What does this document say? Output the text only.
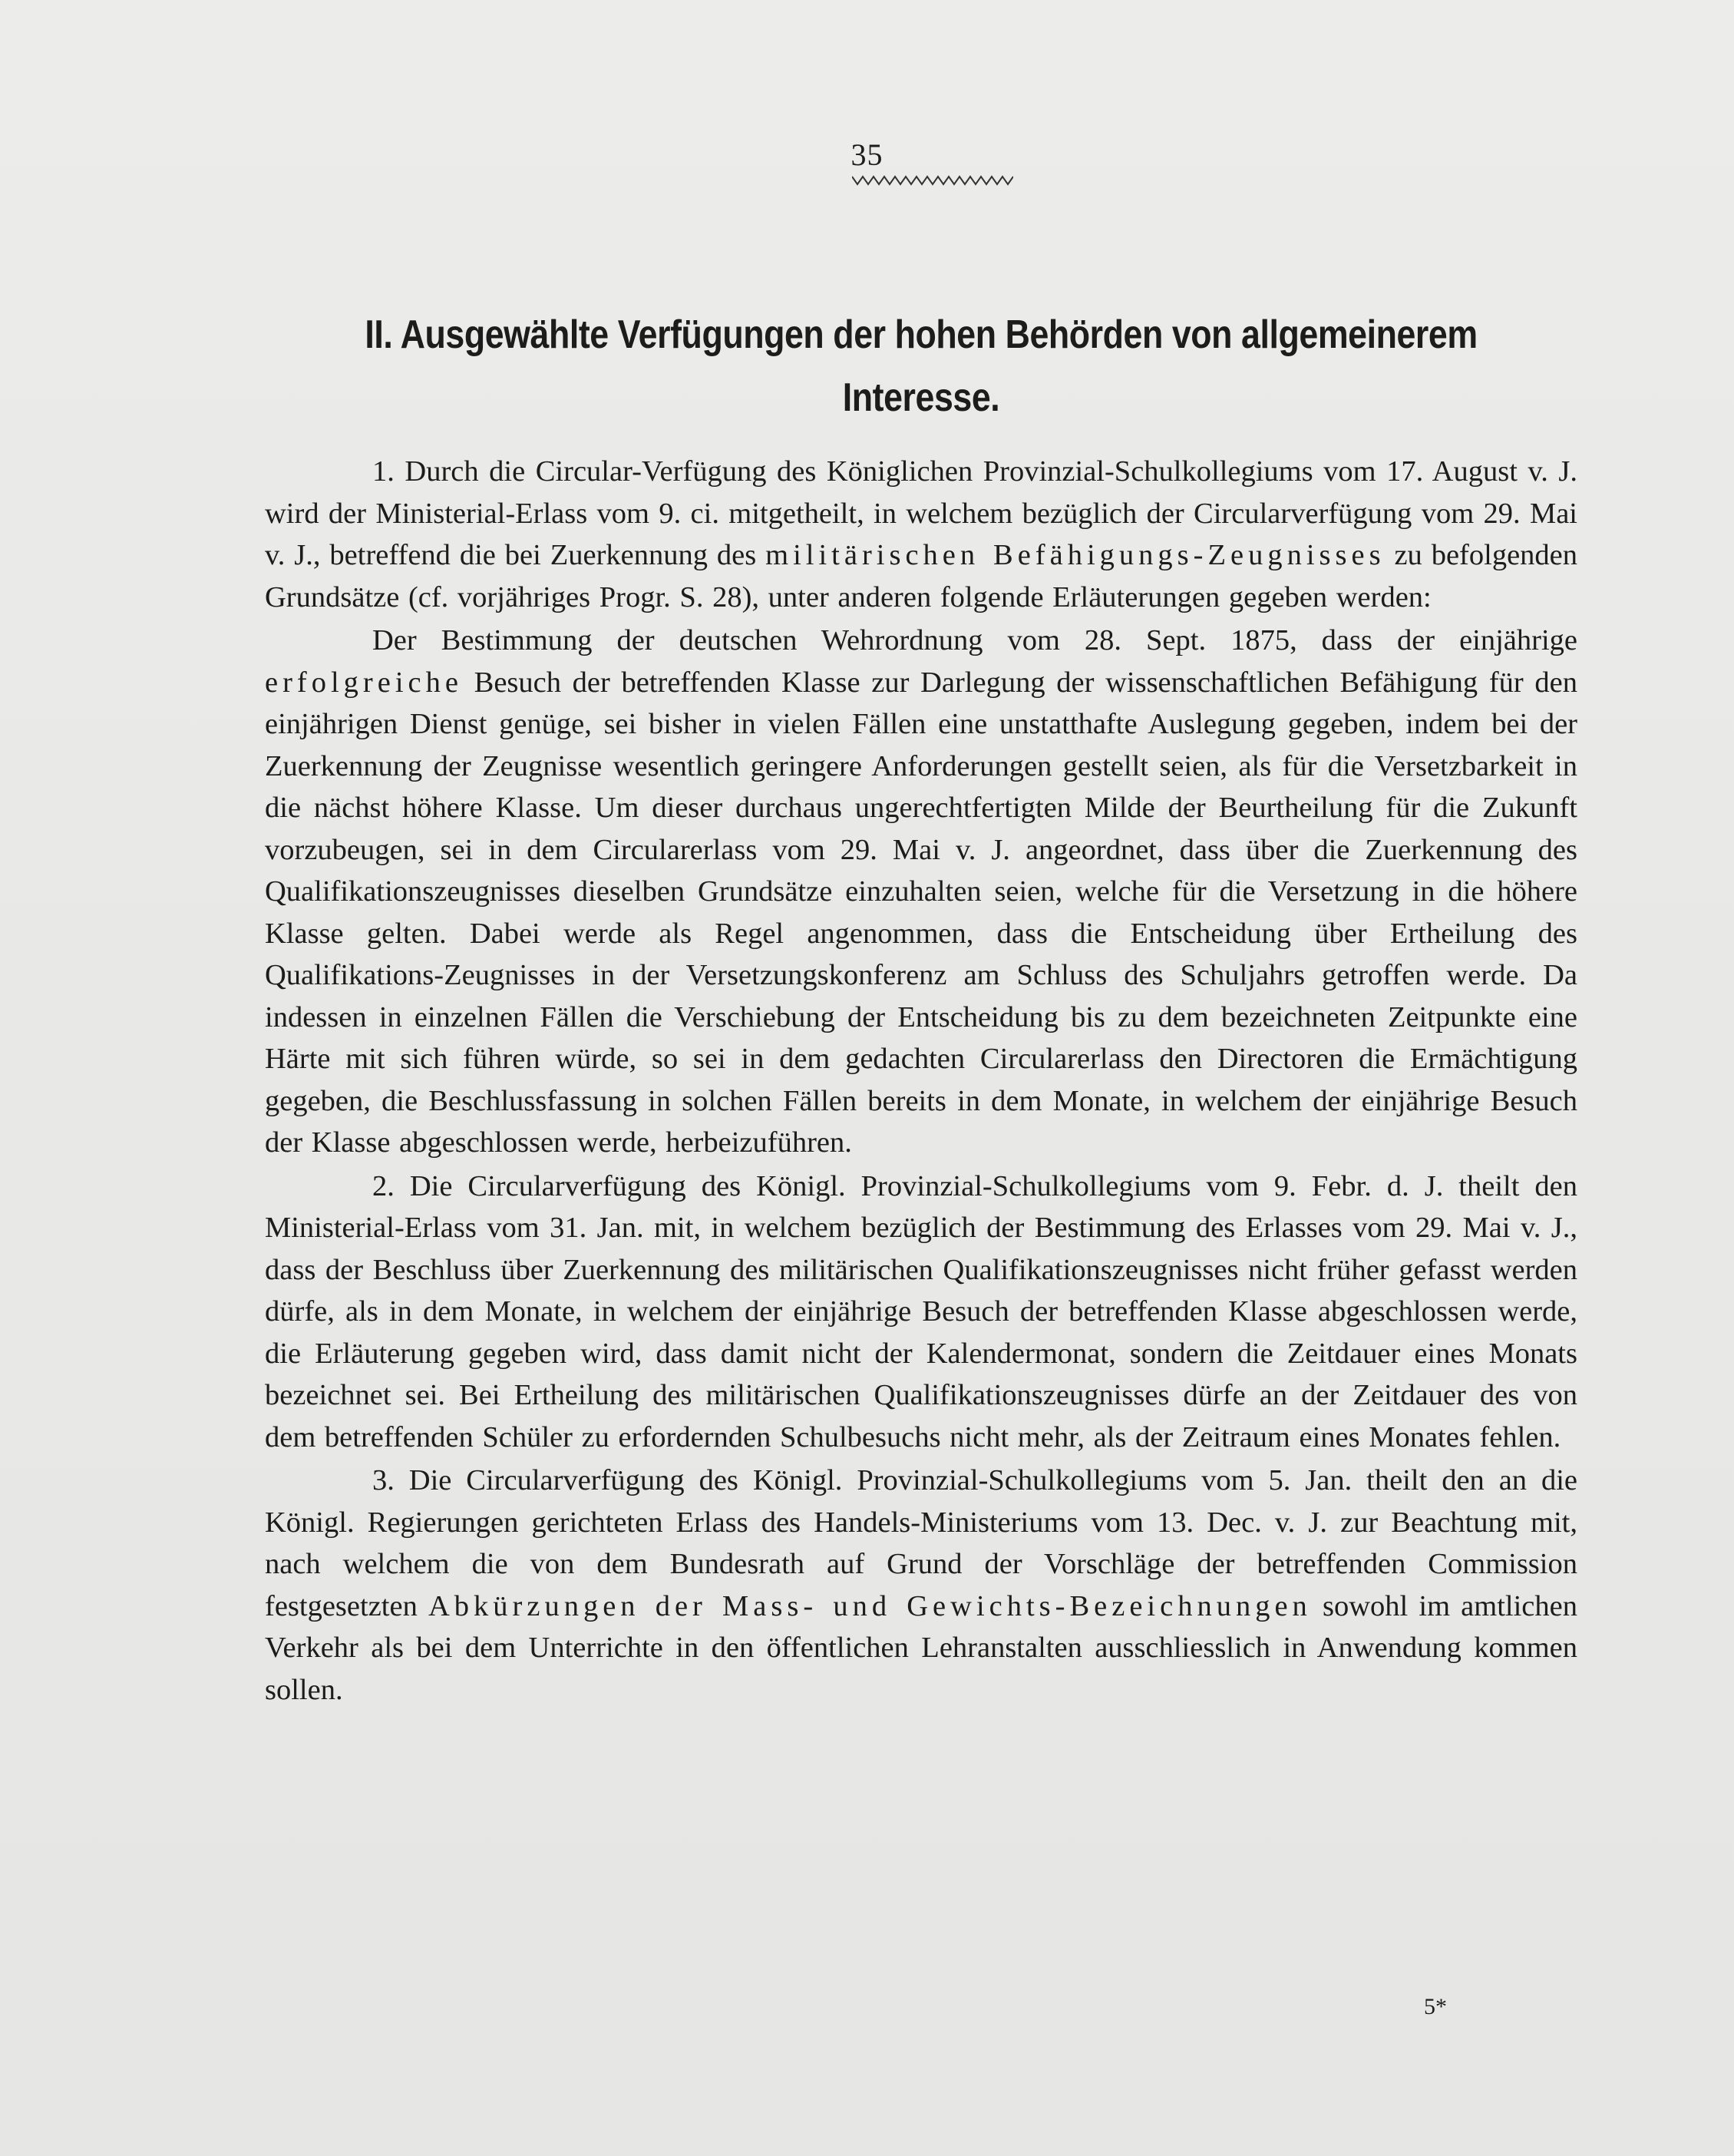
35
II. Ausgewählte Verfügungen der hohen Behörden von allgemeinerem
Interesse.

1. Durch die Circular-Verfügung des Königlichen Provinzial-Schulkollegiums vom 17. August v. J. wird der Ministerial-Erlass vom 9. ci. mitgetheilt, in welchem bezüglich der Circularverfügung vom 29. Mai v. J., betreffend die bei Zuerkennung des militärischen Befähigungs-Zeugnisses zu befolgenden Grundsätze (cf. vorjähriges Progr. S. 28), unter anderen folgende Erläuterungen gegeben werden:

Der Bestimmung der deutschen Wehrordnung vom 28. Sept. 1875, dass der einjährige erfolgreiche Besuch der betreffenden Klasse zur Darlegung der wissenschaftlichen Befähigung für den einjährigen Dienst genüge, sei bisher in vielen Fällen eine unstatthafte Auslegung gegeben, indem bei der Zuerkennung der Zeugnisse wesentlich geringere Anforderungen gestellt seien, als für die Versetzbarkeit in die nächst höhere Klasse. Um dieser durchaus ungerechtfertigten Milde der Beurtheilung für die Zukunft vorzubeugen, sei in dem Circularerlass vom 29. Mai v. J. angeordnet, dass über die Zuerkennung des Qualifikationszeugnisses dieselben Grundsätze einzuhalten seien, welche für die Versetzung in die höhere Klasse gelten. Dabei werde als Regel angenommen, dass die Entscheidung über Ertheilung des Qualifikations-Zeugnisses in der Versetzungskonferenz am Schluss des Schuljahrs getroffen werde. Da indessen in einzelnen Fällen die Verschiebung der Entscheidung bis zu dem bezeichneten Zeitpunkte eine Härte mit sich führen würde, so sei in dem gedachten Circularerlass den Directoren die Ermächtigung gegeben, die Beschlussfassung in solchen Fällen bereits in dem Monate, in welchem der einjährige Besuch der Klasse abgeschlossen werde, herbeizuführen.

2. Die Circularverfügung des Königl. Provinzial-Schulkollegiums vom 9. Febr. d. J. theilt den Ministerial-Erlass vom 31. Jan. mit, in welchem bezüglich der Bestimmung des Erlasses vom 29. Mai v. J., dass der Beschluss über Zuerkennung des militärischen Qualifikationszeugnisses nicht früher gefasst werden dürfe, als in dem Monate, in welchem der einjährige Besuch der betreffenden Klasse abgeschlossen werde, die Erläuterung gegeben wird, dass damit nicht der Kalendermonat, sondern die Zeitdauer eines Monats bezeichnet sei. Bei Ertheilung des militärischen Qualifikationszeugnisses dürfe an der Zeitdauer des von dem betreffenden Schüler zu erfordernden Schulbesuchs nicht mehr, als der Zeitraum eines Monates fehlen.

3. Die Circularverfügung des Königl. Provinzial-Schulkollegiums vom 5. Jan. theilt den an die Königl. Regierungen gerichteten Erlass des Handels-Ministeriums vom 13. Dec. v. J. zur Beachtung mit, nach welchem die von dem Bundesrath auf Grund der Vorschläge der betreffenden Commission festgesetzten Abkürzungen der Mass- und Gewichts-Bezeichnungen sowohl im amtlichen Verkehr als bei dem Unterrichte in den öffentlichen Lehranstalten ausschliesslich in Anwendung kommen sollen.

5*
